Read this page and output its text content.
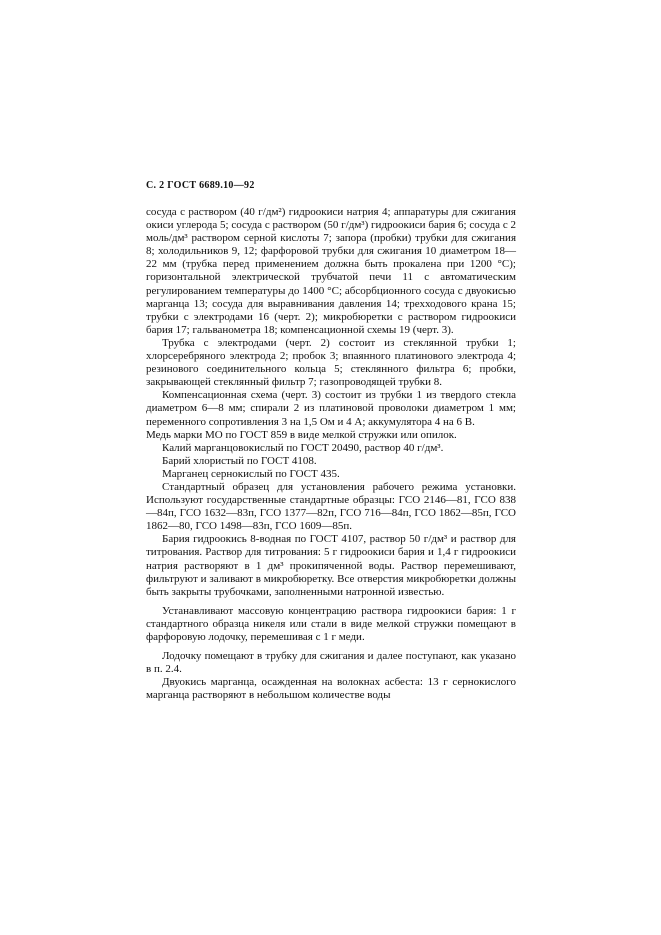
С. 2 ГОСТ 6689.10—92

сосуда с раствором (40 г/дм²) гидроокиси натрия 4; аппаратуры для сжигания окиси углерода 5; сосуда с раствором (50 г/дм³) гидроокиси бария 6; сосуда с 2 моль/дм³ раствором серной кислоты 7; запора (пробки) трубки для сжигания 8; холодильников 9, 12; фарфоровой трубки для сжигания 10 диаметром 18—22 мм (трубка перед применением должна быть прокалена при 1200 °С); горизонтальной электрической трубчатой печи 11 с автоматическим регулированием температуры до 1400 °С; абсорбционного сосуда с двуокисью марганца 13; сосуда для выравнивания давления 14; трехходового крана 15; трубки с электродами 16 (черт. 2); микробюретки с раствором гидроокиси бария 17; гальванометра 18; компенсационной схемы 19 (черт. 3).

Трубка с электродами (черт. 2) состоит из стеклянной трубки 1; хлорсеребряного электрода 2; пробок 3; впаянного платинового электрода 4; резинового соединительного кольца 5; стеклянного фильтра 6; пробки, закрывающей стеклянный фильтр 7; газопроводящей трубки 8.

Компенсационная схема (черт. 3) состоит из трубки 1 из твердого стекла диаметром 6—8 мм; спирали 2 из платиновой проволоки диаметром 1 мм; переменного сопротивления 3 на 1,5 Ом и 4 А; аккумулятора 4 на 6 В.

Медь марки МО по ГОСТ 859 в виде мелкой стружки или опилок.

Калий марганцовокислый по ГОСТ 20490, раствор 40 г/дм³.

Барий хлористый по ГОСТ 4108.

Марганец сернокислый по ГОСТ 435.

Стандартный образец для установления рабочего режима установки. Используют государственные стандартные образцы: ГСО 2146—81, ГСО 838—84п, ГСО 1632—83п, ГСО 1377—82п, ГСО 716—84п, ГСО 1862—85п, ГСО 1862—80, ГСО 1498—83п, ГСО 1609—85п.

Бария гидроокись 8-водная по ГОСТ 4107, раствор 50 г/дм³ и раствор для титрования. Раствор для титрования: 5 г гидроокиси бария и 1,4 г гидроокиси натрия растворяют в 1 дм³ прокипяченной воды. Раствор перемешивают, фильтруют и заливают в микробюретку. Все отверстия микробюретки должны быть закрыты трубочками, заполненными натронной известью.

Устанавливают массовую концентрацию раствора гидроокиси бария: 1 г стандартного образца никеля или стали в виде мелкой стружки помещают в фарфоровую лодочку, перемешивая с 1 г меди.

Лодочку помещают в трубку для сжигания и далее поступают, как указано в п. 2.4.

Двуокись марганца, осажденная на волокнах асбеста: 13 г сернокислого марганца растворяют в небольшом количестве воды
